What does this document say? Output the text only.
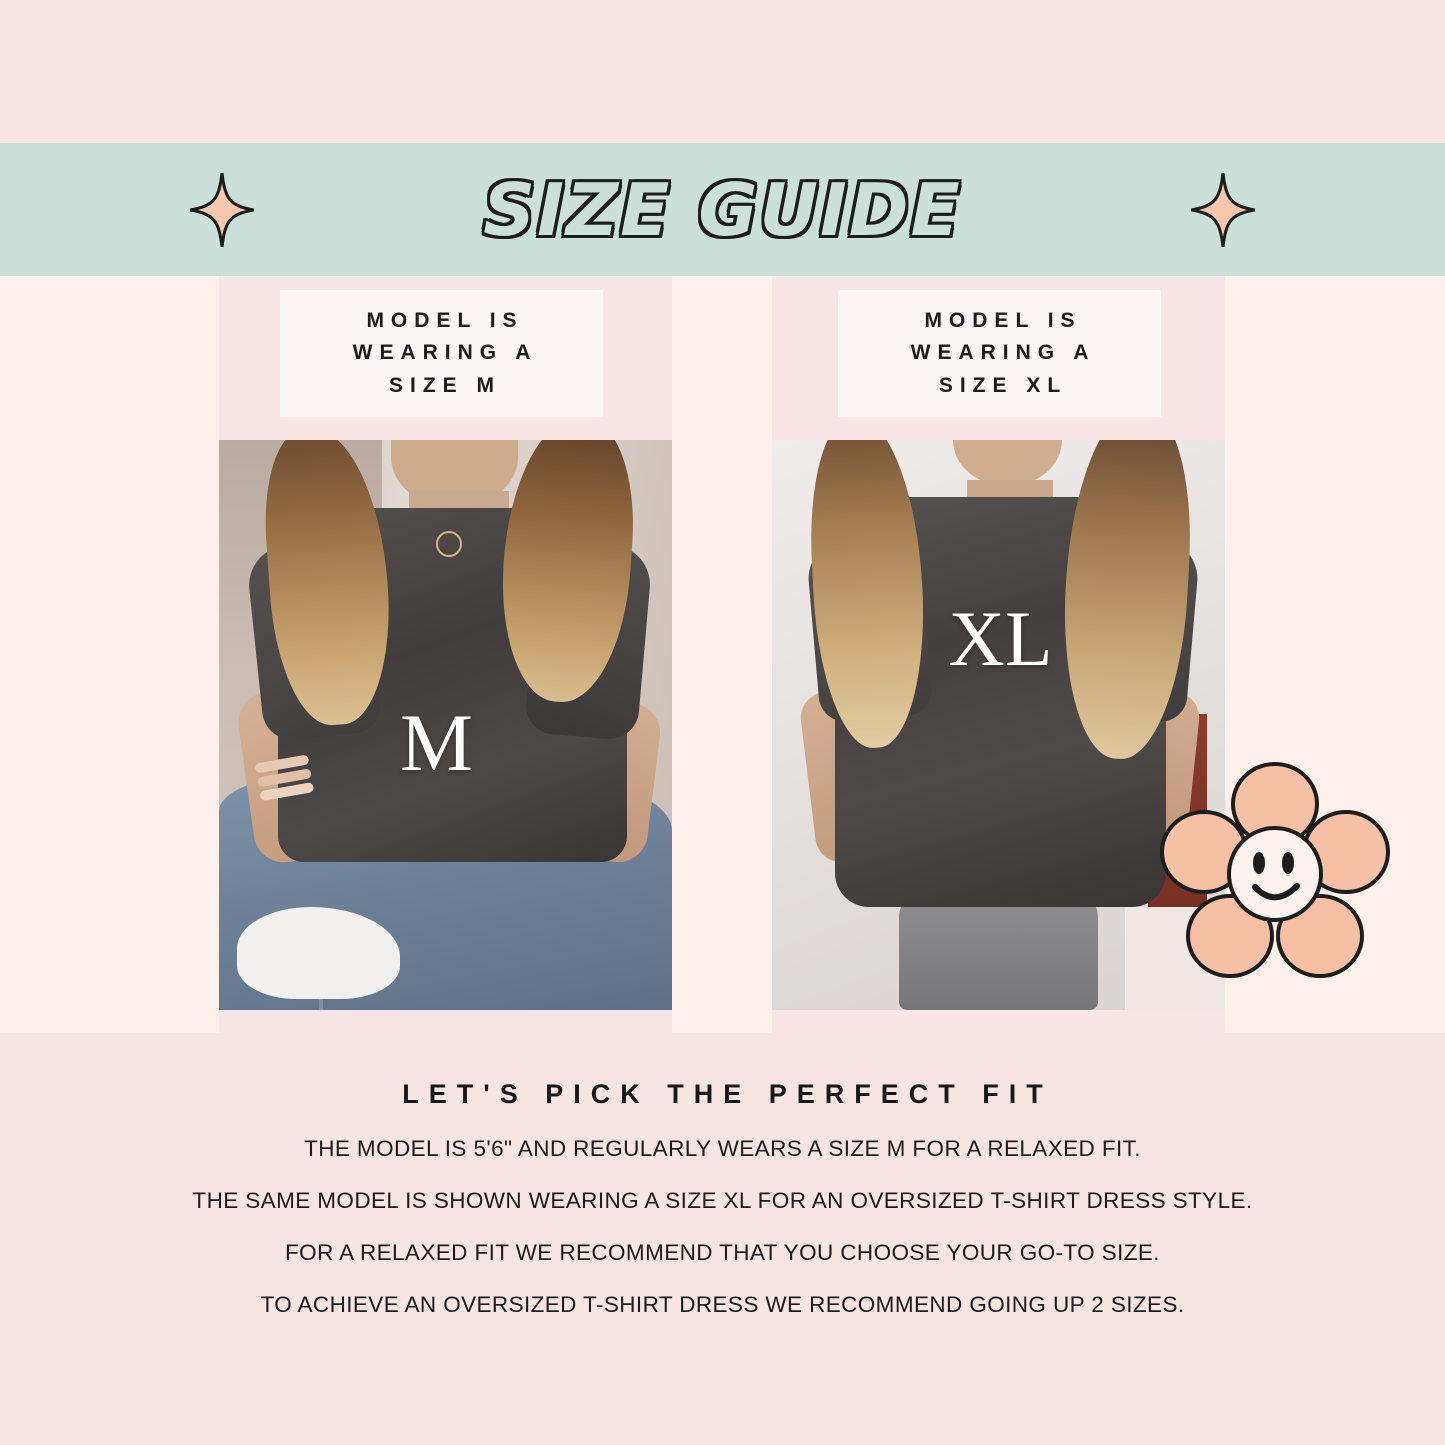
SIZE GUIDE
MODEL IS
WEARING A
SIZE M
MODEL IS
WEARING A
SIZE XL
M
XL
LET'S PICK THE PERFECT FIT

THE MODEL IS 5'6" AND REGULARLY WEARS A SIZE M FOR A RELAXED FIT.

THE SAME MODEL IS SHOWN WEARING A SIZE XL FOR AN OVERSIZED T-SHIRT DRESS STYLE.

FOR A RELAXED FIT WE RECOMMEND THAT YOU CHOOSE YOUR GO-TO SIZE.

TO ACHIEVE AN OVERSIZED T-SHIRT DRESS WE RECOMMEND GOING UP 2 SIZES.
